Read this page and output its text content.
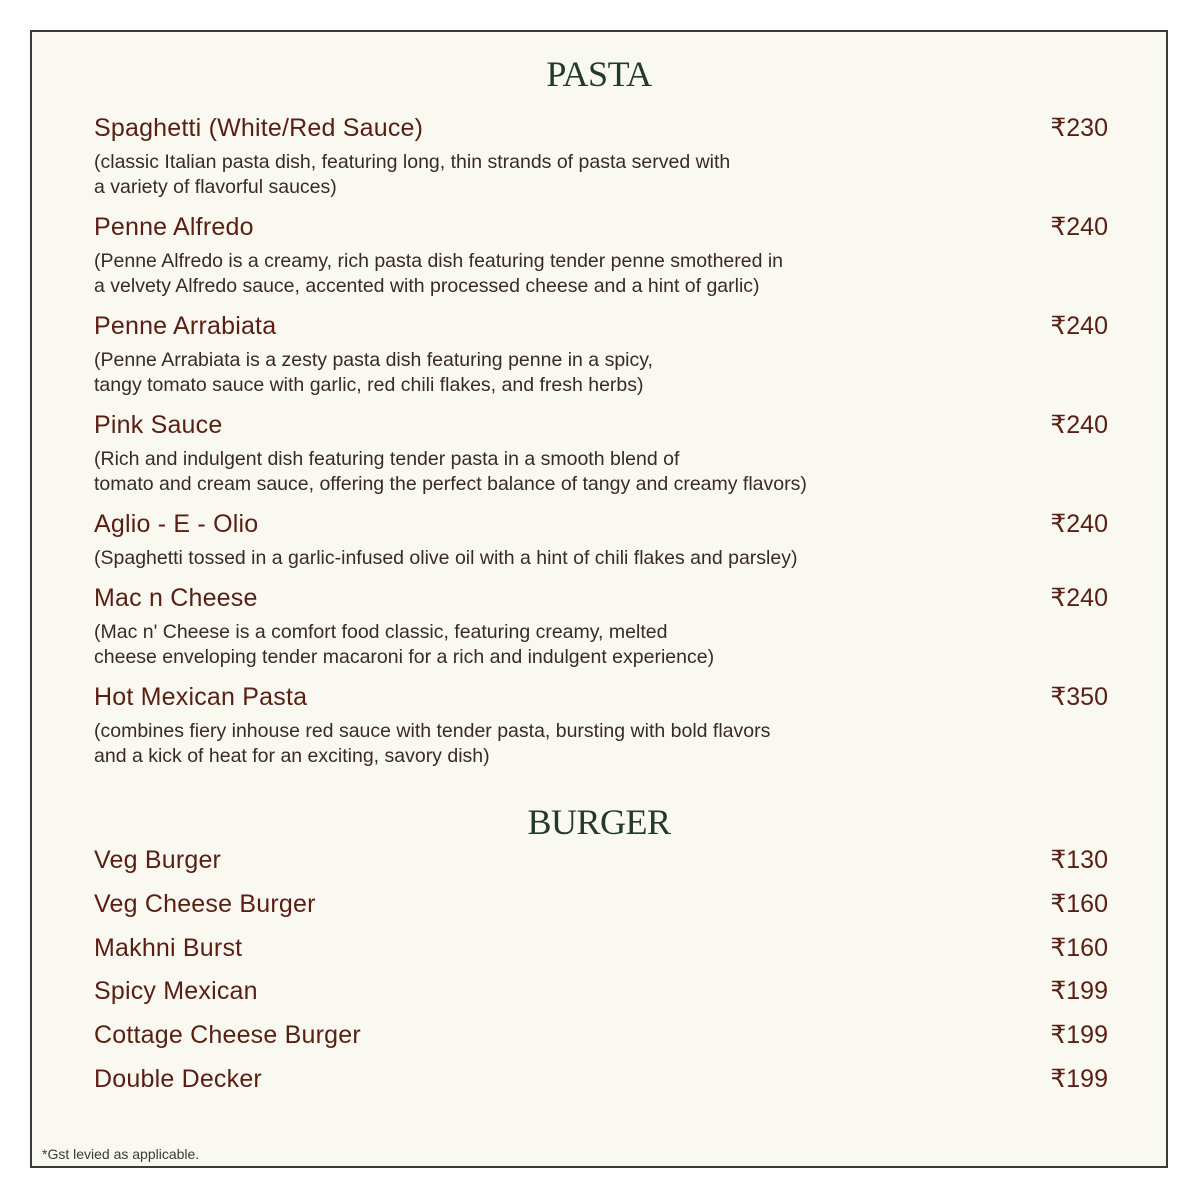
PASTA
Spaghetti (White/Red Sauce)	₹230
(classic Italian pasta dish, featuring long, thin strands of pasta served with
a variety of flavorful sauces)
Penne Alfredo	₹240
(Penne Alfredo is a creamy, rich pasta dish featuring tender penne smothered in
a velvety Alfredo sauce, accented with processed cheese and a hint of garlic)
Penne Arrabiata	₹240
(Penne Arrabiata is a zesty pasta dish featuring penne in a spicy,
tangy tomato sauce with garlic, red chili flakes, and fresh herbs)
Pink Sauce	₹240
(Rich and indulgent dish featuring tender pasta in a smooth blend of
tomato and cream sauce, offering the perfect balance of tangy and creamy flavors)
Aglio - E - Olio	₹240
(Spaghetti tossed in a garlic-infused olive oil with a hint of chili flakes and parsley)
Mac n Cheese	₹240
(Mac n' Cheese is a comfort food classic, featuring creamy, melted
cheese enveloping tender macaroni for a rich and indulgent experience)
Hot Mexican Pasta	₹350
(combines fiery inhouse red sauce with tender pasta, bursting with bold flavors
and a kick of heat for an exciting, savory dish)
BURGER
Veg Burger	₹130
Veg Cheese Burger	₹160
Makhni Burst	₹160
Spicy Mexican	₹199
Cottage Cheese Burger	₹199
Double Decker	₹199
*Gst levied as applicable.
